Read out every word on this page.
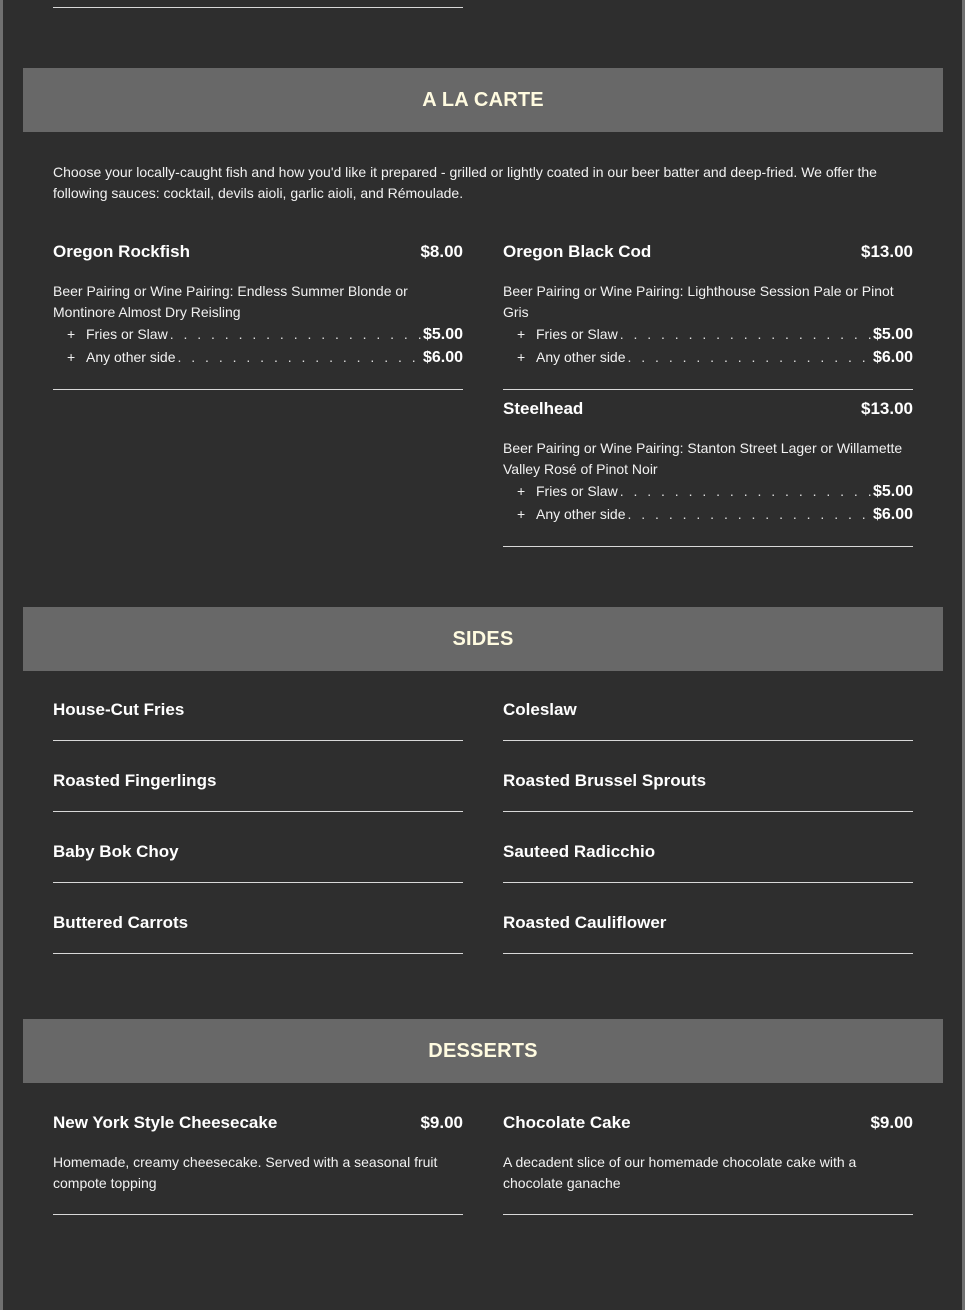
A LA CARTE

Choose your locally-caught fish and how you'd like it prepared - grilled or lightly coated in our beer batter and deep-fried. We offer the following sauces: cocktail, devils aioli, garlic aioli, and Rémoulade.

Oregon Rockfish	$8.00

Beer Pairing or Wine Pairing: Endless Summer Blonde or Montinore Almost Dry Reisling

+ Fries or Slaw . . .	$5.00
+ Any other side . . .	$6.00
Oregon Black Cod	$13.00

Beer Pairing or Wine Pairing: Lighthouse Session Pale or Pinot Gris

+ Fries or Slaw . . .	$5.00
+ Any other side . . .	$6.00
Steelhead	$13.00

Beer Pairing or Wine Pairing: Stanton Street Lager or Willamette Valley Rosé of Pinot Noir

+ Fries or Slaw . . .	$5.00
+ Any other side . . .	$6.00
SIDES
House-Cut Fries
Roasted Fingerlings
Baby Bok Choy
Buttered Carrots
Coleslaw
Roasted Brussel Sprouts
Sauteed Radicchio
Roasted Cauliflower
DESSERTS
New York Style Cheesecake	$9.00

Homemade, creamy cheesecake. Served with a seasonal fruit compote topping

Chocolate Cake	$9.00

A decadent slice of our homemade chocolate cake with a chocolate ganache
